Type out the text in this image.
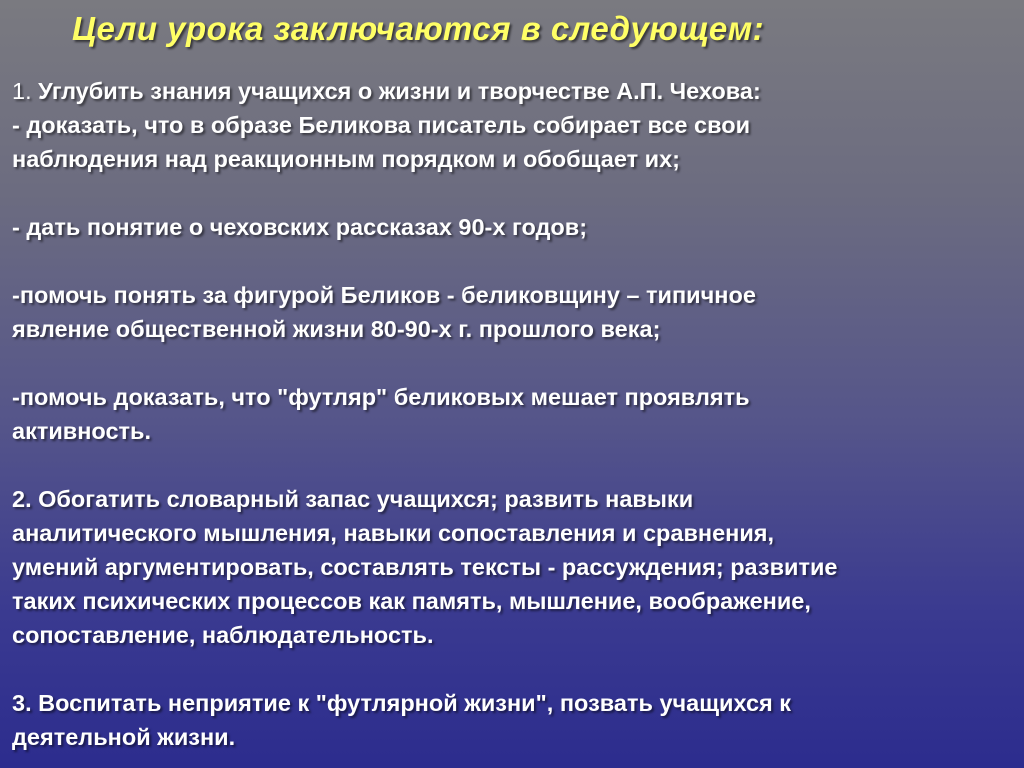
Цели урока заключаются в следующем:
1. Углубить знания учащихся о жизни и творчестве А.П. Чехова:
- доказать, что в образе Беликова писатель собирает все свои
наблюдения над реакционным порядком и обобщает их;
- дать понятие о чеховских рассказах 90-х годов;
-помочь понять за фигурой Беликов - беликовщину – типичное
явление общественной жизни 80-90-х г. прошлого века;
-помочь доказать, что "футляр" беликовых мешает проявлять
активность.
2. Обогатить словарный запас учащихся; развить навыки
аналитического мышления, навыки сопоставления и сравнения,
умений аргументировать, составлять тексты - рассуждения; развитие
таких психических процессов как память, мышление, воображение,
сопоставление, наблюдательность.
3. Воспитать неприятие к "футлярной жизни", позвать учащихся к
деятельной жизни.
